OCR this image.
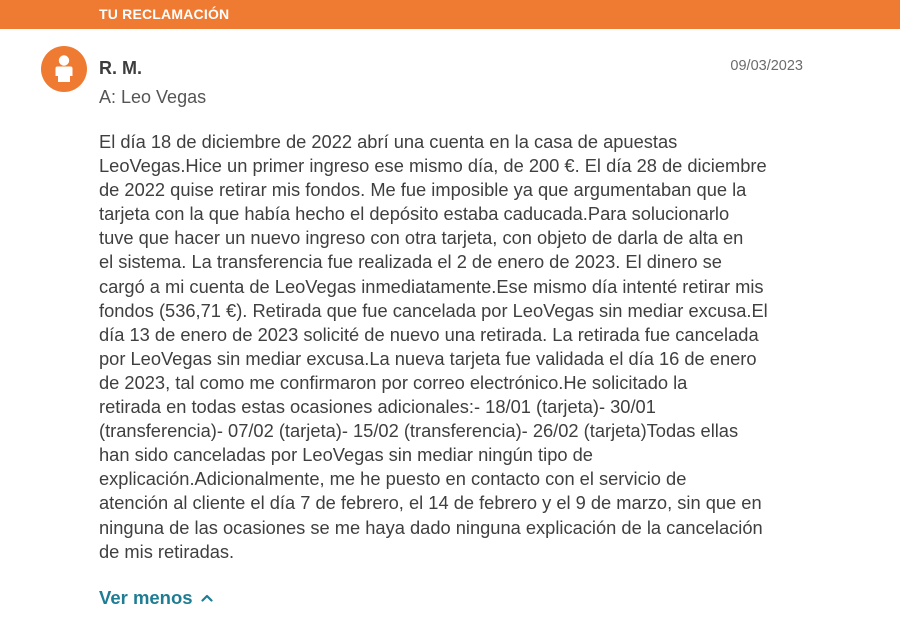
TU RECLAMACIÓN
R. M.
A: Leo Vegas
09/03/2023
El día 18 de diciembre de 2022 abrí una cuenta en la casa de apuestas
LeoVegas.Hice un primer ingreso ese mismo día, de 200 €. El día 28 de diciembre
de 2022 quise retirar mis fondos. Me fue imposible ya que argumentaban que la
tarjeta con la que había hecho el depósito estaba caducada.Para solucionarlo
tuve que hacer un nuevo ingreso con otra tarjeta, con objeto de darla de alta en
el sistema. La transferencia fue realizada el 2 de enero de 2023. El dinero se
cargó a mi cuenta de LeoVegas inmediatamente.Ese mismo día intenté retirar mis
fondos (536,71 €). Retirada que fue cancelada por LeoVegas sin mediar excusa.El
día 13 de enero de 2023 solicité de nuevo una retirada. La retirada fue cancelada
por LeoVegas sin mediar excusa.La nueva tarjeta fue validada el día 16 de enero
de 2023, tal como me confirmaron por correo electrónico.He solicitado la
retirada en todas estas ocasiones adicionales:- 18/01 (tarjeta)- 30/01
(transferencia)- 07/02 (tarjeta)- 15/02 (transferencia)- 26/02 (tarjeta)Todas ellas
han sido canceladas por LeoVegas sin mediar ningún tipo de
explicación.Adicionalmente, me he puesto en contacto con el servicio de
atención al cliente el día 7 de febrero, el 14 de febrero y el 9 de marzo, sin que en
ninguna de las ocasiones se me haya dado ninguna explicación de la cancelación
de mis retiradas.
Ver menos
